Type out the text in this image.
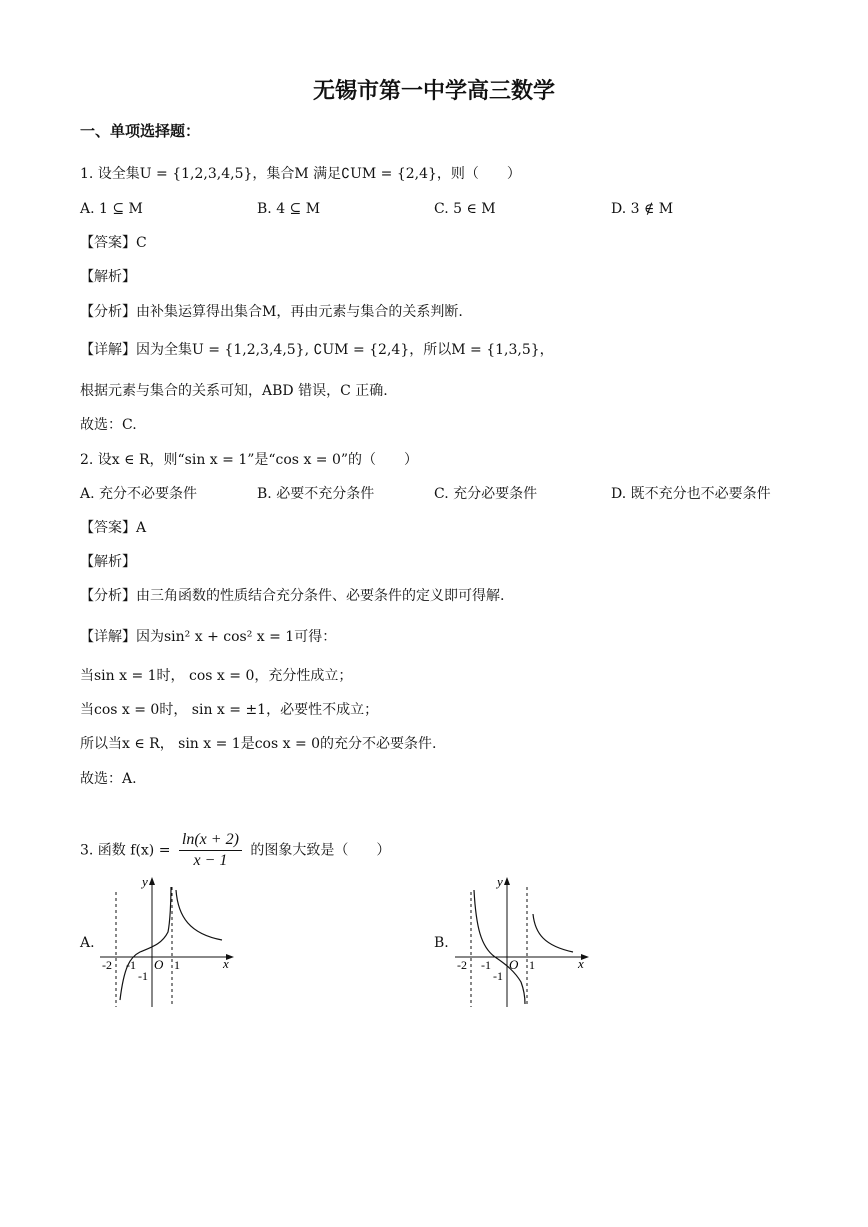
无锡市第一中学高三数学
一、单项选择题：
1. 设全集U = {1,2,3,4,5}，集合M 满足∁UM = {2,4}，则（　　）
A. 1 ⊆ M	B. 4 ⊆ M	C. 5 ∈ M	D. 3 ∉ M
【答案】C
【解析】
【分析】由补集运算得出集合M，再由元素与集合的关系判断.
【详解】因为全集U = {1,2,3,4,5}, ∁UM = {2,4}，所以M = {1,3,5}，
根据元素与集合的关系可知，ABD 错误，C 正确.
故选：C.
2. 设x ∈ R，则“sin x = 1”是“cos x = 0”的（　　）
A. 充分不必要条件	B. 必要不充分条件	C. 充分必要条件	D. 既不充分也不必要条件
【答案】A
【解析】
【分析】由三角函数的性质结合充分条件、必要条件的定义即可得解.
【详解】因为sin² x + cos² x = 1可得：
当sin x = 1时， cos x = 0，充分性成立；
当cos x = 0时， sin x = ±1，必要性不成立；
所以当x ∈ R， sin x = 1是cos x = 0的充分不必要条件.
故选：A.
3. 函数 $f(x) = \frac{\ln(x + 2)}{x - 1}$ 的图象大致是（　　）
A.	B.
y
x
-2 -1 O 1
-1
y
x
-2 -1 O 1
-1
